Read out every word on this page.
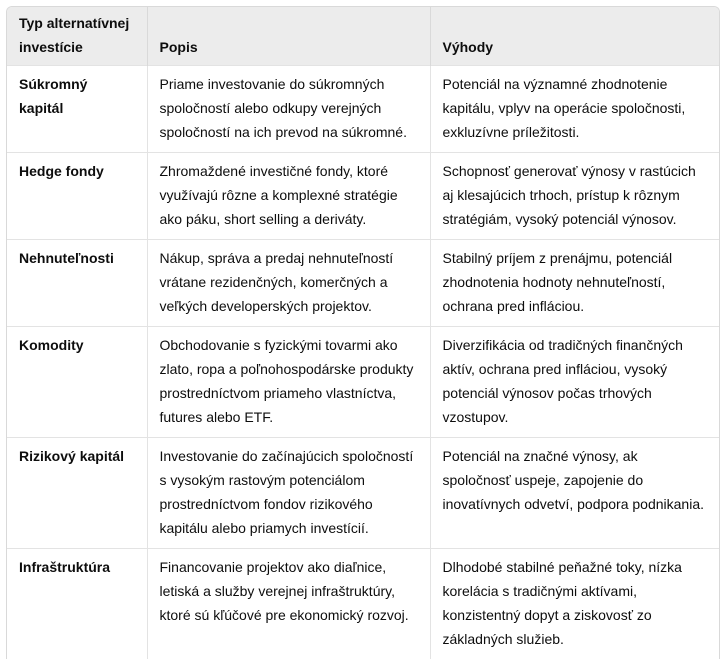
Typ alternatívnej investície	Popis	Výhody
Súkromný kapitál	Priame investovanie do súkromných spoločností alebo odkupy verejných spoločností na ich prevod na súkromné.	Potenciál na významné zhodnotenie kapitálu, vplyv na operácie spoločnosti, exkluzívne príležitosti.
Hedge fondy	Zhromaždené investičné fondy, ktoré využívajú rôzne a komplexné stratégie ako páku, short selling a deriváty.	Schopnosť generovať výnosy v rastúcich aj klesajúcich trhoch, prístup k rôznym stratégiám, vysoký potenciál výnosov.
Nehnuteľnosti	Nákup, správa a predaj nehnuteľností vrátane rezidenčných, komerčných a veľkých developerských projektov.	Stabilný príjem z prenájmu, potenciál zhodnotenia hodnoty nehnuteľností, ochrana pred infláciou.
Komodity	Obchodovanie s fyzickými tovarmi ako zlato, ropa a poľnohospodárske produkty prostredníctvom priameho vlastníctva, futures alebo ETF.	Diverzifikácia od tradičných finančných aktív, ochrana pred infláciou, vysoký potenciál výnosov počas trhových vzostupov.
Rizikový kapitál	Investovanie do začínajúcich spoločností s vysokým rastovým potenciálom prostredníctvom fondov rizikového kapitálu alebo priamych investícií.	Potenciál na značné výnosy, ak spoločnosť uspeje, zapojenie do inovatívnych odvetví, podpora podnikania.
Infraštruktúra	Financovanie projektov ako diaľnice, letiská a služby verejnej infraštruktúry, ktoré sú kľúčové pre ekonomický rozvoj.	Dlhodobé stabilné peňažné toky, nízka korelácia s tradičnými aktívami, konzistentný dopyt a ziskovosť zo základných služieb.
